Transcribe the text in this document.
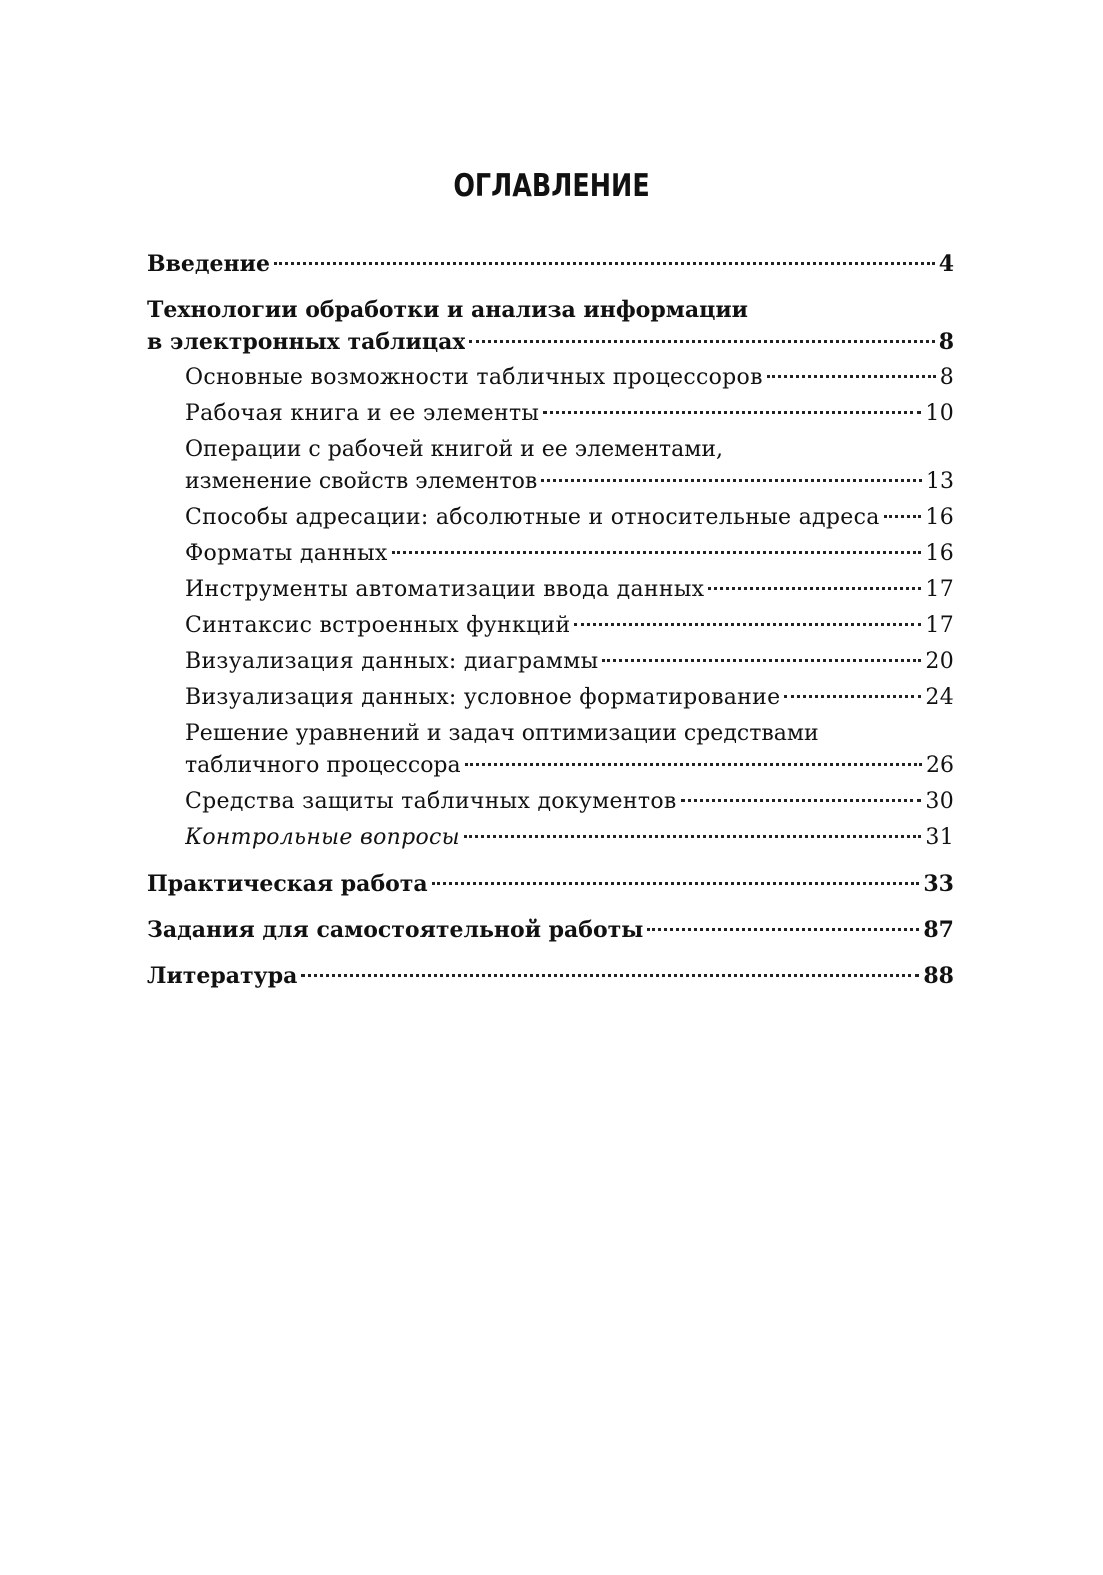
ОГЛАВЛЕНИЕ
Введение	4
Технологии обработки и анализа информации
в электронных таблицах	8
Основные возможности табличных процессоров	8
Рабочая книга и ее элементы	10
Операции с рабочей книгой и ее элементами,
изменение свойств элементов	13
Способы адресации: абсолютные и относительные адреса 16
Форматы данных	16
Инструменты автоматизации ввода данных	17
Синтаксис встроенных функций	17
Визуализация данных: диаграммы	20
Визуализация данных: условное форматирование	24
Решение уравнений и задач оптимизации средствами
табличного процессора	26
Средства защиты табличных документов	30
Контрольные вопросы	31
Практическая работа	33
Задания для самостоятельной работы	87
Литература	88
